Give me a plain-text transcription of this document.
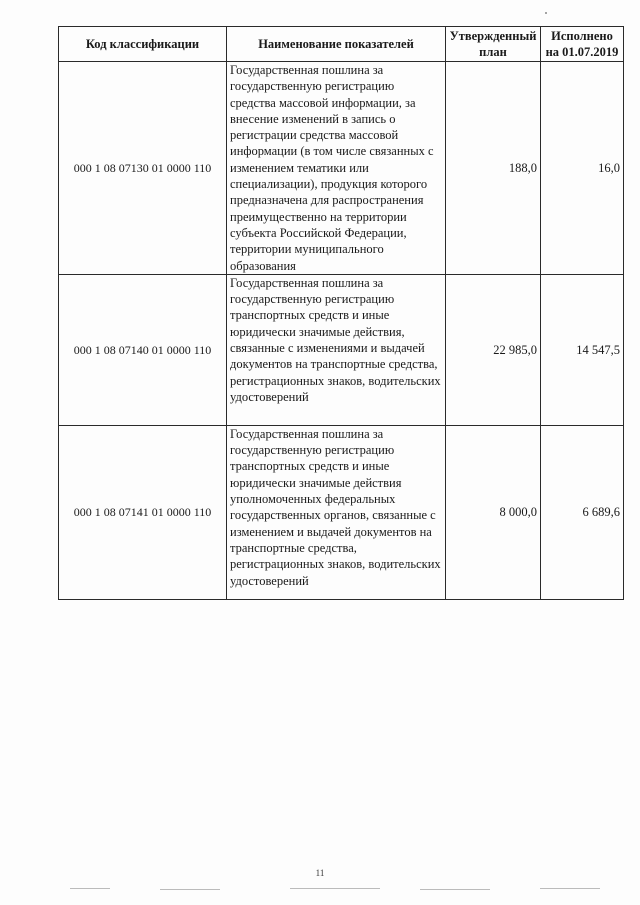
Код классификации	Наименование показателей	Утвержденный план	Исполнено на 01.07.2019
000 1 08 07130 01 0000 110	Государственная пошлина за государственную регистрацию средства массовой информации, за внесение изменений в запись о регистрации средства массовой информации (в том числе связанных с изменением тематики или специализации), продукция которого предназначена для распространения преимущественно на территории субъекта Российской Федерации, территории муниципального образования	188,0	16,0
000 1 08 07140 01 0000 110	Государственная пошлина за государственную регистрацию транспортных средств и иные юридически значимые действия, связанные с изменениями и выдачей документов на транспортные средства, регистрационных знаков, водительских удостоверений	22 985,0	14 547,5
000 1 08 07141 01 0000 110	Государственная пошлина за государственную регистрацию транспортных средств и иные юридически значимые действия уполномоченных федеральных государственных органов, связанные с изменением и выдачей документов на транспортные средства, регистрационных знаков, водительских удостоверений	8 000,0	6 689,6
11
